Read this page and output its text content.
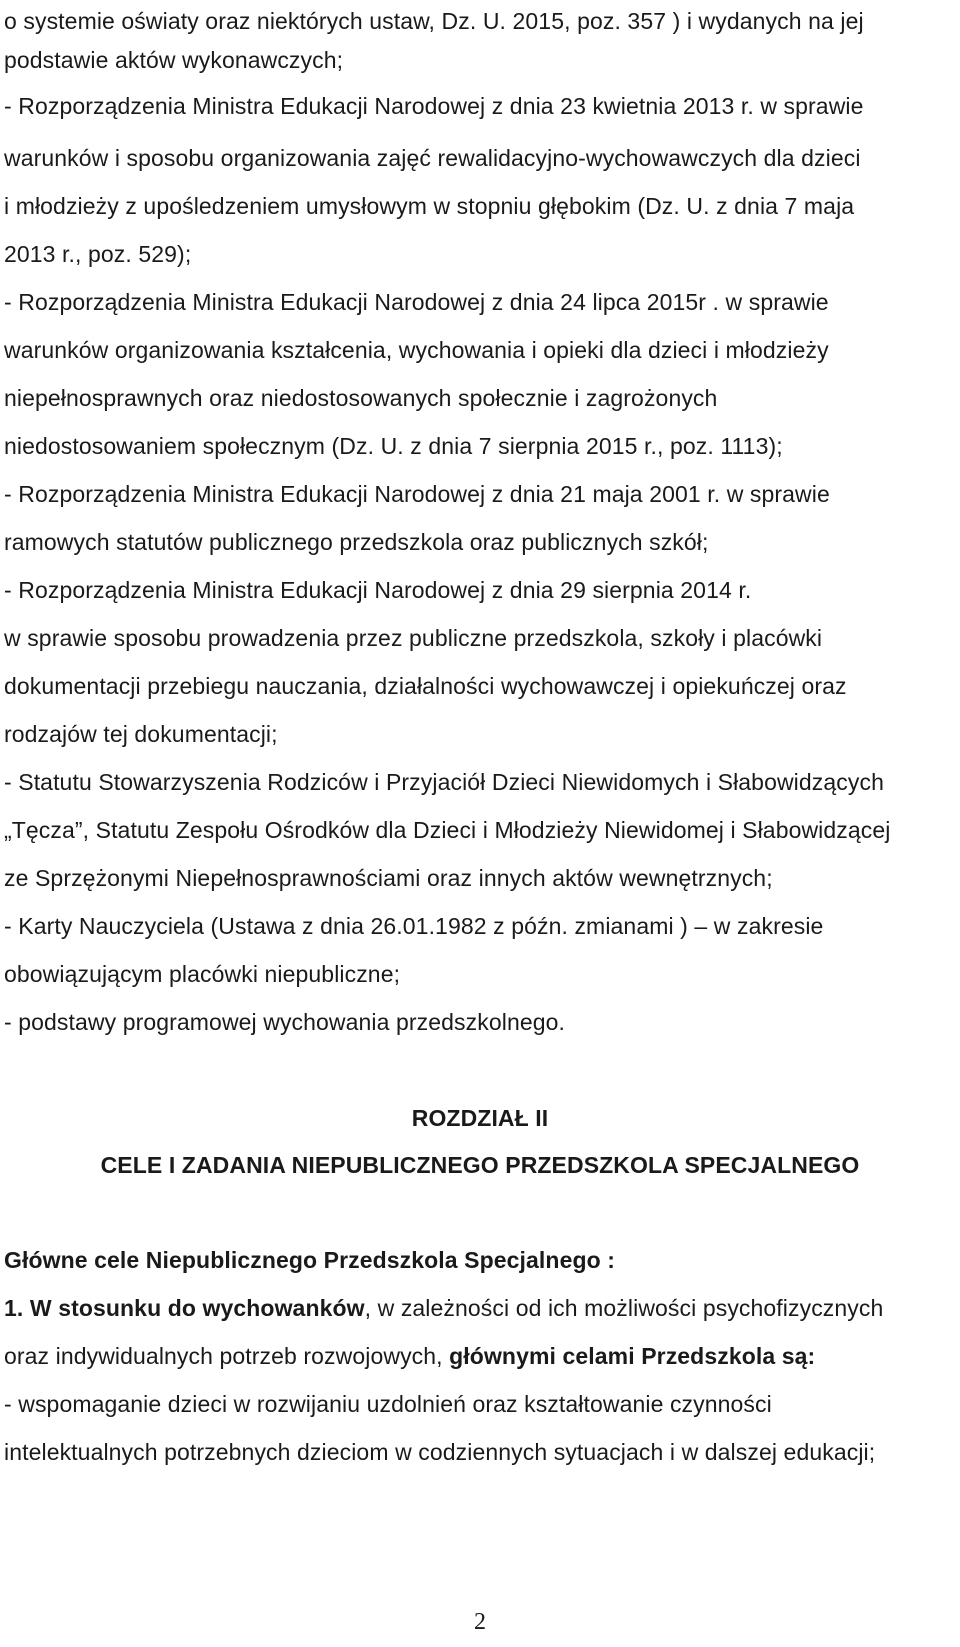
o systemie oświaty oraz niektórych ustaw, Dz. U. 2015, poz. 357 ) i wydanych na jej
podstawie aktów wykonawczych;
- Rozporządzenia Ministra Edukacji Narodowej z dnia 23 kwietnia 2013 r. w sprawie
warunków i sposobu organizowania zajęć rewalidacyjno-wychowawczych dla dzieci
i młodzieży z upośledzeniem umysłowym w stopniu głębokim (Dz. U. z dnia 7 maja
2013 r., poz. 529);
- Rozporządzenia Ministra Edukacji Narodowej z dnia 24 lipca 2015r . w sprawie
warunków organizowania kształcenia, wychowania i opieki dla dzieci i młodzieży
niepełnosprawnych oraz niedostosowanych społecznie i zagrożonych
niedostosowaniem społecznym (Dz. U. z dnia 7 sierpnia 2015 r., poz. 1113);
- Rozporządzenia Ministra Edukacji Narodowej z dnia 21 maja 2001 r. w sprawie
ramowych statutów publicznego przedszkola oraz publicznych szkół;
- Rozporządzenia Ministra Edukacji Narodowej z dnia 29 sierpnia 2014 r.
w sprawie sposobu prowadzenia przez publiczne przedszkola, szkoły i placówki
dokumentacji przebiegu nauczania, działalności wychowawczej i opiekuńczej oraz
rodzajów tej dokumentacji;
- Statutu Stowarzyszenia Rodziców i Przyjaciół Dzieci Niewidomych i Słabowidzących
„Tęcza”, Statutu Zespołu Ośrodków dla Dzieci i Młodzieży Niewidomej i Słabowidzącej
ze Sprzężonymi Niepełnosprawnościami oraz innych aktów wewnętrznych;
- Karty Nauczyciela (Ustawa z dnia 26.01.1982 z późn. zmianami ) – w zakresie
obowiązującym placówki niepubliczne;
- podstawy programowej wychowania przedszkolnego.
ROZDZIAŁ II
CELE I ZADANIA NIEPUBLICZNEGO PRZEDSZKOLA SPECJALNEGO
Główne cele Niepublicznego Przedszkola Specjalnego :
1. W stosunku do wychowanków, w zależności od ich możliwości psychofizycznych
oraz indywidualnych potrzeb rozwojowych, głównymi celami Przedszkola są:
- wspomaganie dzieci w rozwijaniu uzdolnień oraz kształtowanie czynności
intelektualnych potrzebnych dzieciom w codziennych sytuacjach i w dalszej edukacji;
2
